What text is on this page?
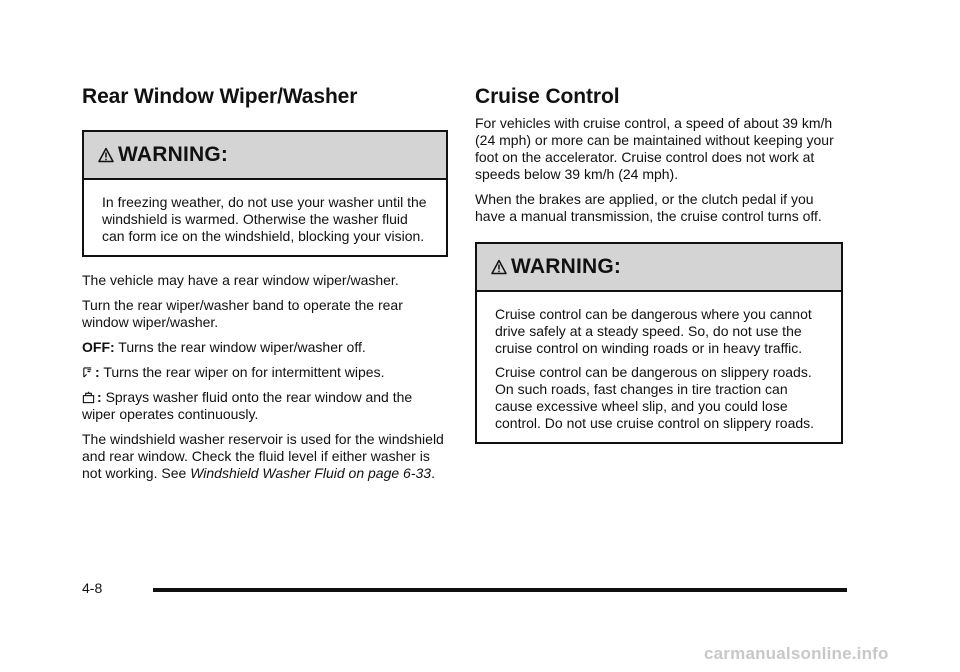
Rear Window Wiper/Washer
WARNING:

In freezing weather, do not use your washer until the windshield is warmed. Otherwise the washer fluid can form ice on the windshield, blocking your vision.

The vehicle may have a rear window wiper/washer.

Turn the rear wiper/washer band to operate the rear window wiper/washer.

OFF: Turns the rear window wiper/washer off.

: Turns the rear wiper on for intermittent wipes.

: Sprays washer fluid onto the rear window and the wiper operates continuously.

The windshield washer reservoir is used for the windshield and rear window. Check the fluid level if either washer is not working. See Windshield Washer Fluid on page 6-33.

Cruise Control

For vehicles with cruise control, a speed of about 39 km/h (24 mph) or more can be maintained without keeping your foot on the accelerator. Cruise control does not work at speeds below 39 km/h (24 mph).

When the brakes are applied, or the clutch pedal if you have a manual transmission, the cruise control turns off.

WARNING:

Cruise control can be dangerous where you cannot drive safely at a steady speed. So, do not use the cruise control on winding roads or in heavy traffic.

Cruise control can be dangerous on slippery roads. On such roads, fast changes in tire traction can cause excessive wheel slip, and you could lose control. Do not use cruise control on slippery roads.

4-8
carmanualsonline.info
